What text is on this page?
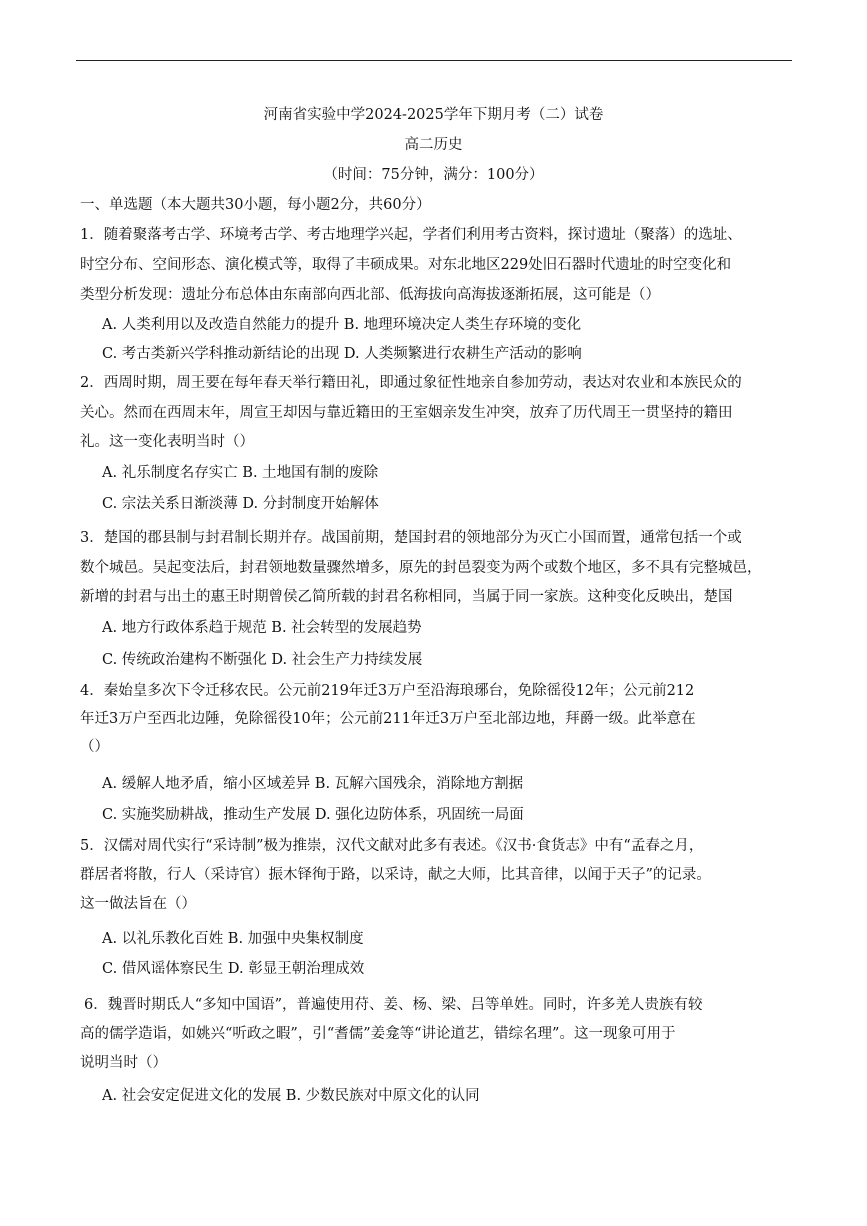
河南省实验中学2024-2025学年下期月考（二）试卷
高二历史
（时间：75分钟，满分：100分）
一、单选题（本大题共30小题，每小题2分，共60分）
1．随着聚落考古学、环境考古学、考古地理学兴起，学者们利用考古资料，探讨遗址（聚落）的选址、
时空分布、空间形态、演化模式等，取得了丰硕成果。对东北地区229处旧石器时代遗址的时空变化和
类型分析发现：遗址分布总体由东南部向西北部、低海拔向高海拔逐渐拓展，这可能是（）
A. 人类利用以及改造自然能力的提升 B. 地理环境决定人类生存环境的变化
C. 考古类新兴学科推动新结论的出现 D. 人类频繁进行农耕生产活动的影响
2．西周时期，周王要在每年春天举行籍田礼，即通过象征性地亲自参加劳动，表达对农业和本族民众的
关心。然而在西周末年，周宣王却因与靠近籍田的王室姻亲发生冲突，放弃了历代周王一贯坚持的籍田
礼。这一变化表明当时（）
A. 礼乐制度名存实亡 B. 土地国有制的废除
C. 宗法关系日渐淡薄 D. 分封制度开始解体
3．楚国的郡县制与封君制长期并存。战国前期，楚国封君的领地部分为灭亡小国而置，通常包括一个或
数个城邑。吴起变法后，封君领地数量骤然增多，原先的封邑裂变为两个或数个地区，多不具有完整城邑，
新增的封君与出土的惠王时期曾侯乙简所载的封君名称相同，当属于同一家族。这种变化反映出，楚国
A. 地方行政体系趋于规范 B. 社会转型的发展趋势
C. 传统政治建构不断强化 D. 社会生产力持续发展
4．秦始皇多次下令迁移农民。公元前219年迁3万户至沿海琅琊台，免除徭役12年；公元前212
年迁3万户至西北边陲，免除徭役10年；公元前211年迁3万户至北部边地，拜爵一级。此举意在
（）
A. 缓解人地矛盾，缩小区域差异 B. 瓦解六国残余，消除地方割据
C. 实施奖励耕战，推动生产发展 D. 强化边防体系，巩固统一局面
5．汉儒对周代实行“采诗制”极为推崇，汉代文献对此多有表述。《汉书·食货志》中有“孟春之月，
群居者将散，行人（采诗官）振木铎徇于路，以采诗，献之大师，比其音律，以闻于天子”的记录。
这一做法旨在（）
A. 以礼乐教化百姓 B. 加强中央集权制度
C. 借风谣体察民生 D. 彰显王朝治理成效
6．魏晋时期氐人“多知中国语”，普遍使用苻、姜、杨、梁、吕等单姓。同时，许多羌人贵族有较
高的儒学造诣，如姚兴“听政之暇”，引“耆儒”姜龛等“讲论道艺，错综名理”。这一现象可用于
说明当时（）
A. 社会安定促进文化的发展 B. 少数民族对中原文化的认同
